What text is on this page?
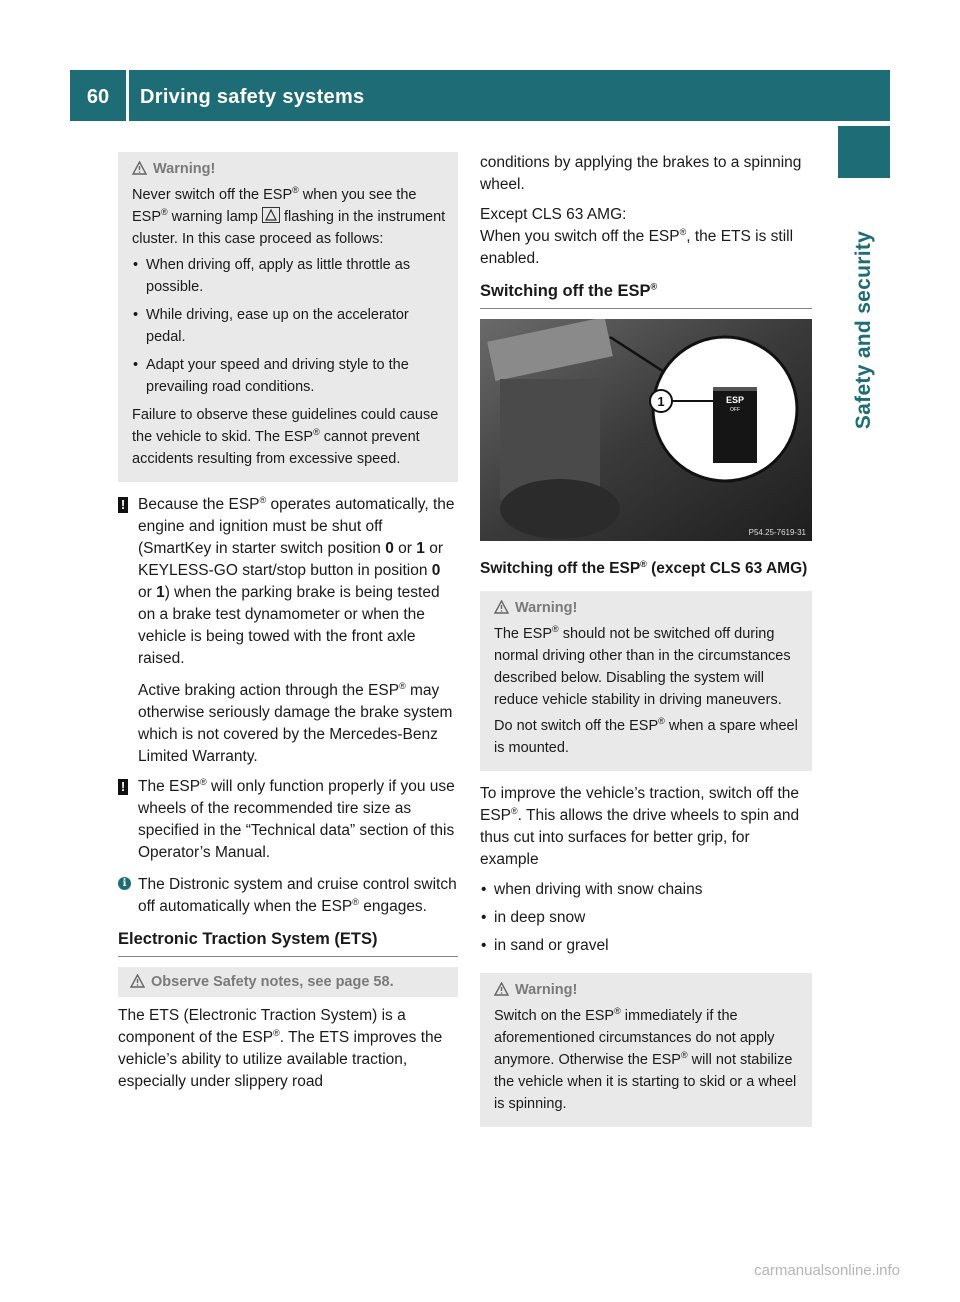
60	Driving safety systems
Safety and security

Warning!

Never switch off the ESP® when you see the ESP® warning lamp  flashing in the instrument cluster. In this case proceed as follows:

• When driving off, apply as little throttle as possible.

• While driving, ease up on the accelerator pedal.

• Adapt your speed and driving style to the prevailing road conditions.

Failure to observe these guidelines could cause the vehicle to skid. The ESP® cannot prevent accidents resulting from excessive speed.

! Because the ESP® operates automatically, the engine and ignition must be shut off (SmartKey in starter switch position 0 or 1 or KEYLESS-GO start/stop button in position 0 or 1) when the parking brake is being tested on a brake test dynamometer or when the vehicle is being towed with the front axle raised.

Active braking action through the ESP® may otherwise seriously damage the brake system which is not covered by the Mercedes-Benz Limited Warranty.

! The ESP® will only function properly if you use wheels of the recommended tire size as specified in the “Technical data” section of this Operator’s Manual.

i The Distronic system and cruise control switch off automatically when the ESP® engages.

Electronic Traction System (ETS)
Observe Safety notes, see page 58.

The ETS (Electronic Traction System) is a component of the ESP®. The ETS improves the vehicle’s ability to utilize available traction, especially under slippery road

conditions by applying the brakes to a spinning wheel.

Except CLS 63 AMG:
When you switch off the ESP®, the ETS is still enabled.

Switching off the ESP®
ESP
OFF
1
P54.25-7619-31
Switching off the ESP® (except CLS 63 AMG)

Warning!

The ESP® should not be switched off during normal driving other than in the circumstances described below. Disabling the system will reduce vehicle stability in driving maneuvers.

Do not switch off the ESP® when a spare wheel is mounted.

To improve the vehicle’s traction, switch off the ESP®. This allows the drive wheels to spin and thus cut into surfaces for better grip, for example

• when driving with snow chains

• in deep snow

• in sand or gravel

Warning!

Switch on the ESP® immediately if the aforementioned circumstances do not apply anymore. Otherwise the ESP® will not stabilize the vehicle when it is starting to skid or a wheel is spinning.

carmanualsonline.info
